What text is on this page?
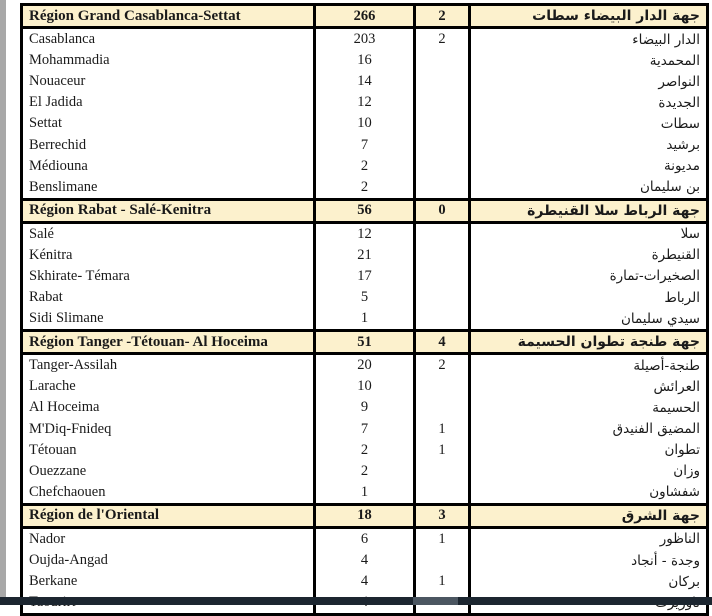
Région Grand Casablanca-Settat	266	2	جهة الدار البيضاء سطات
Casablanca	203	2	الدار البيضاء
Mohammadia	16		المحمدية
Nouaceur	14		النواصر
El Jadida	12		الجديدة
Settat	10		سطات
Berrechid	7		برشيد
Médiouna	2		مديونة
Benslimane	2		بن سليمان
Région Rabat - Salé-Kenitra	56	0	جهة الرباط سلا القنيطرة
Salé	12		سلا
Kénitra	21		القنيطرة
Skhirate- Témara	17		الصخيرات-تمارة
Rabat	5		الرباط
Sidi Slimane	1		سيدي سليمان
Région Tanger -Tétouan- Al Hoceima	51	4	جهة طنجة تطوان الحسيمة
Tanger-Assilah	20	2	طنجة-أصيلة
Larache	10		العرائش
Al Hoceima	9		الحسيمة
M'Diq-Fnideq	7	1	المضيق الفنيدق
Tétouan	2	1	تطوان
Ouezzane	2		وزان
Chefchaouen	1		شفشاون
Région de l'Oriental	18	3	جهة الشرق
Nador	6	1	الناظور
Oujda-Angad	4		وجدة - أنجاد
Berkane	4	1	بركان
